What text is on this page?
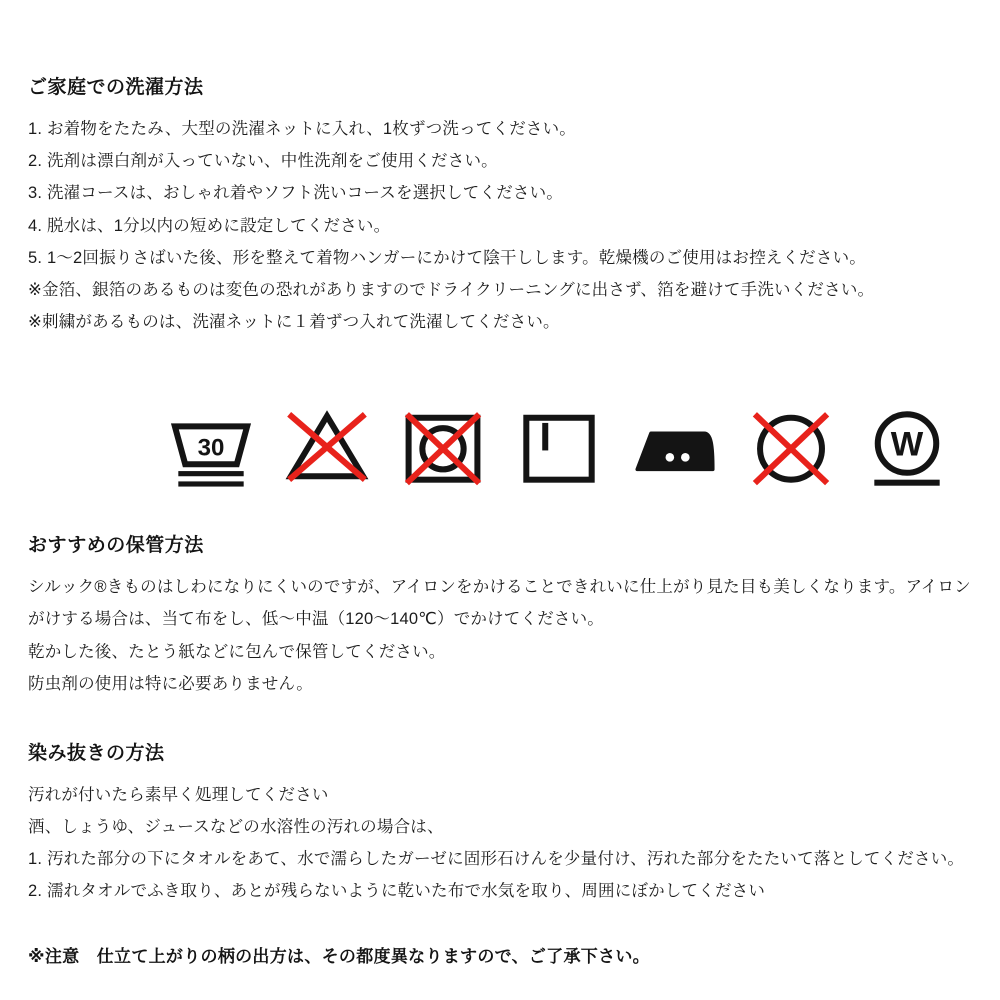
ご家庭での洗濯方法

1. お着物をたたみ、大型の洗濯ネットに入れ、1枚ずつ洗ってください。

2. 洗剤は漂白剤が入っていない、中性洗剤をご使用ください。

3. 洗濯コースは、おしゃれ着やソフト洗いコースを選択してください。

4. 脱水は、1分以内の短めに設定してください。

5. 1〜2回振りさばいた後、形を整えて着物ハンガーにかけて陰干しします。乾燥機のご使用はお控えください。

※金箔、銀箔のあるものは変色の恐れがありますのでドライクリーニングに出さず、箔を避けて手洗いください。

※刺繍があるものは、洗濯ネットに１着ずつ入れて洗濯してください。

30	W
おすすめの保管方法

シルック®きものはしわになりにくいのですが、アイロンをかけることできれいに仕上がり見た目も美しくなります。アイロンがけする場合は、当て布をし、低〜中温（120〜140℃）でかけてください。

乾かした後、たとう紙などに包んで保管してください。

防虫剤の使用は特に必要ありません。

染み抜きの方法

汚れが付いたら素早く処理してください

酒、しょうゆ、ジュースなどの水溶性の汚れの場合は、

1. 汚れた部分の下にタオルをあて、水で濡らしたガーゼに固形石けんを少量付け、汚れた部分をたたいて落としてください。

2. 濡れタオルでふき取り、あとが残らないように乾いた布で水気を取り、周囲にぼかしてください

※注意　仕立て上がりの柄の出方は、その都度異なりますので、ご了承下さい。
